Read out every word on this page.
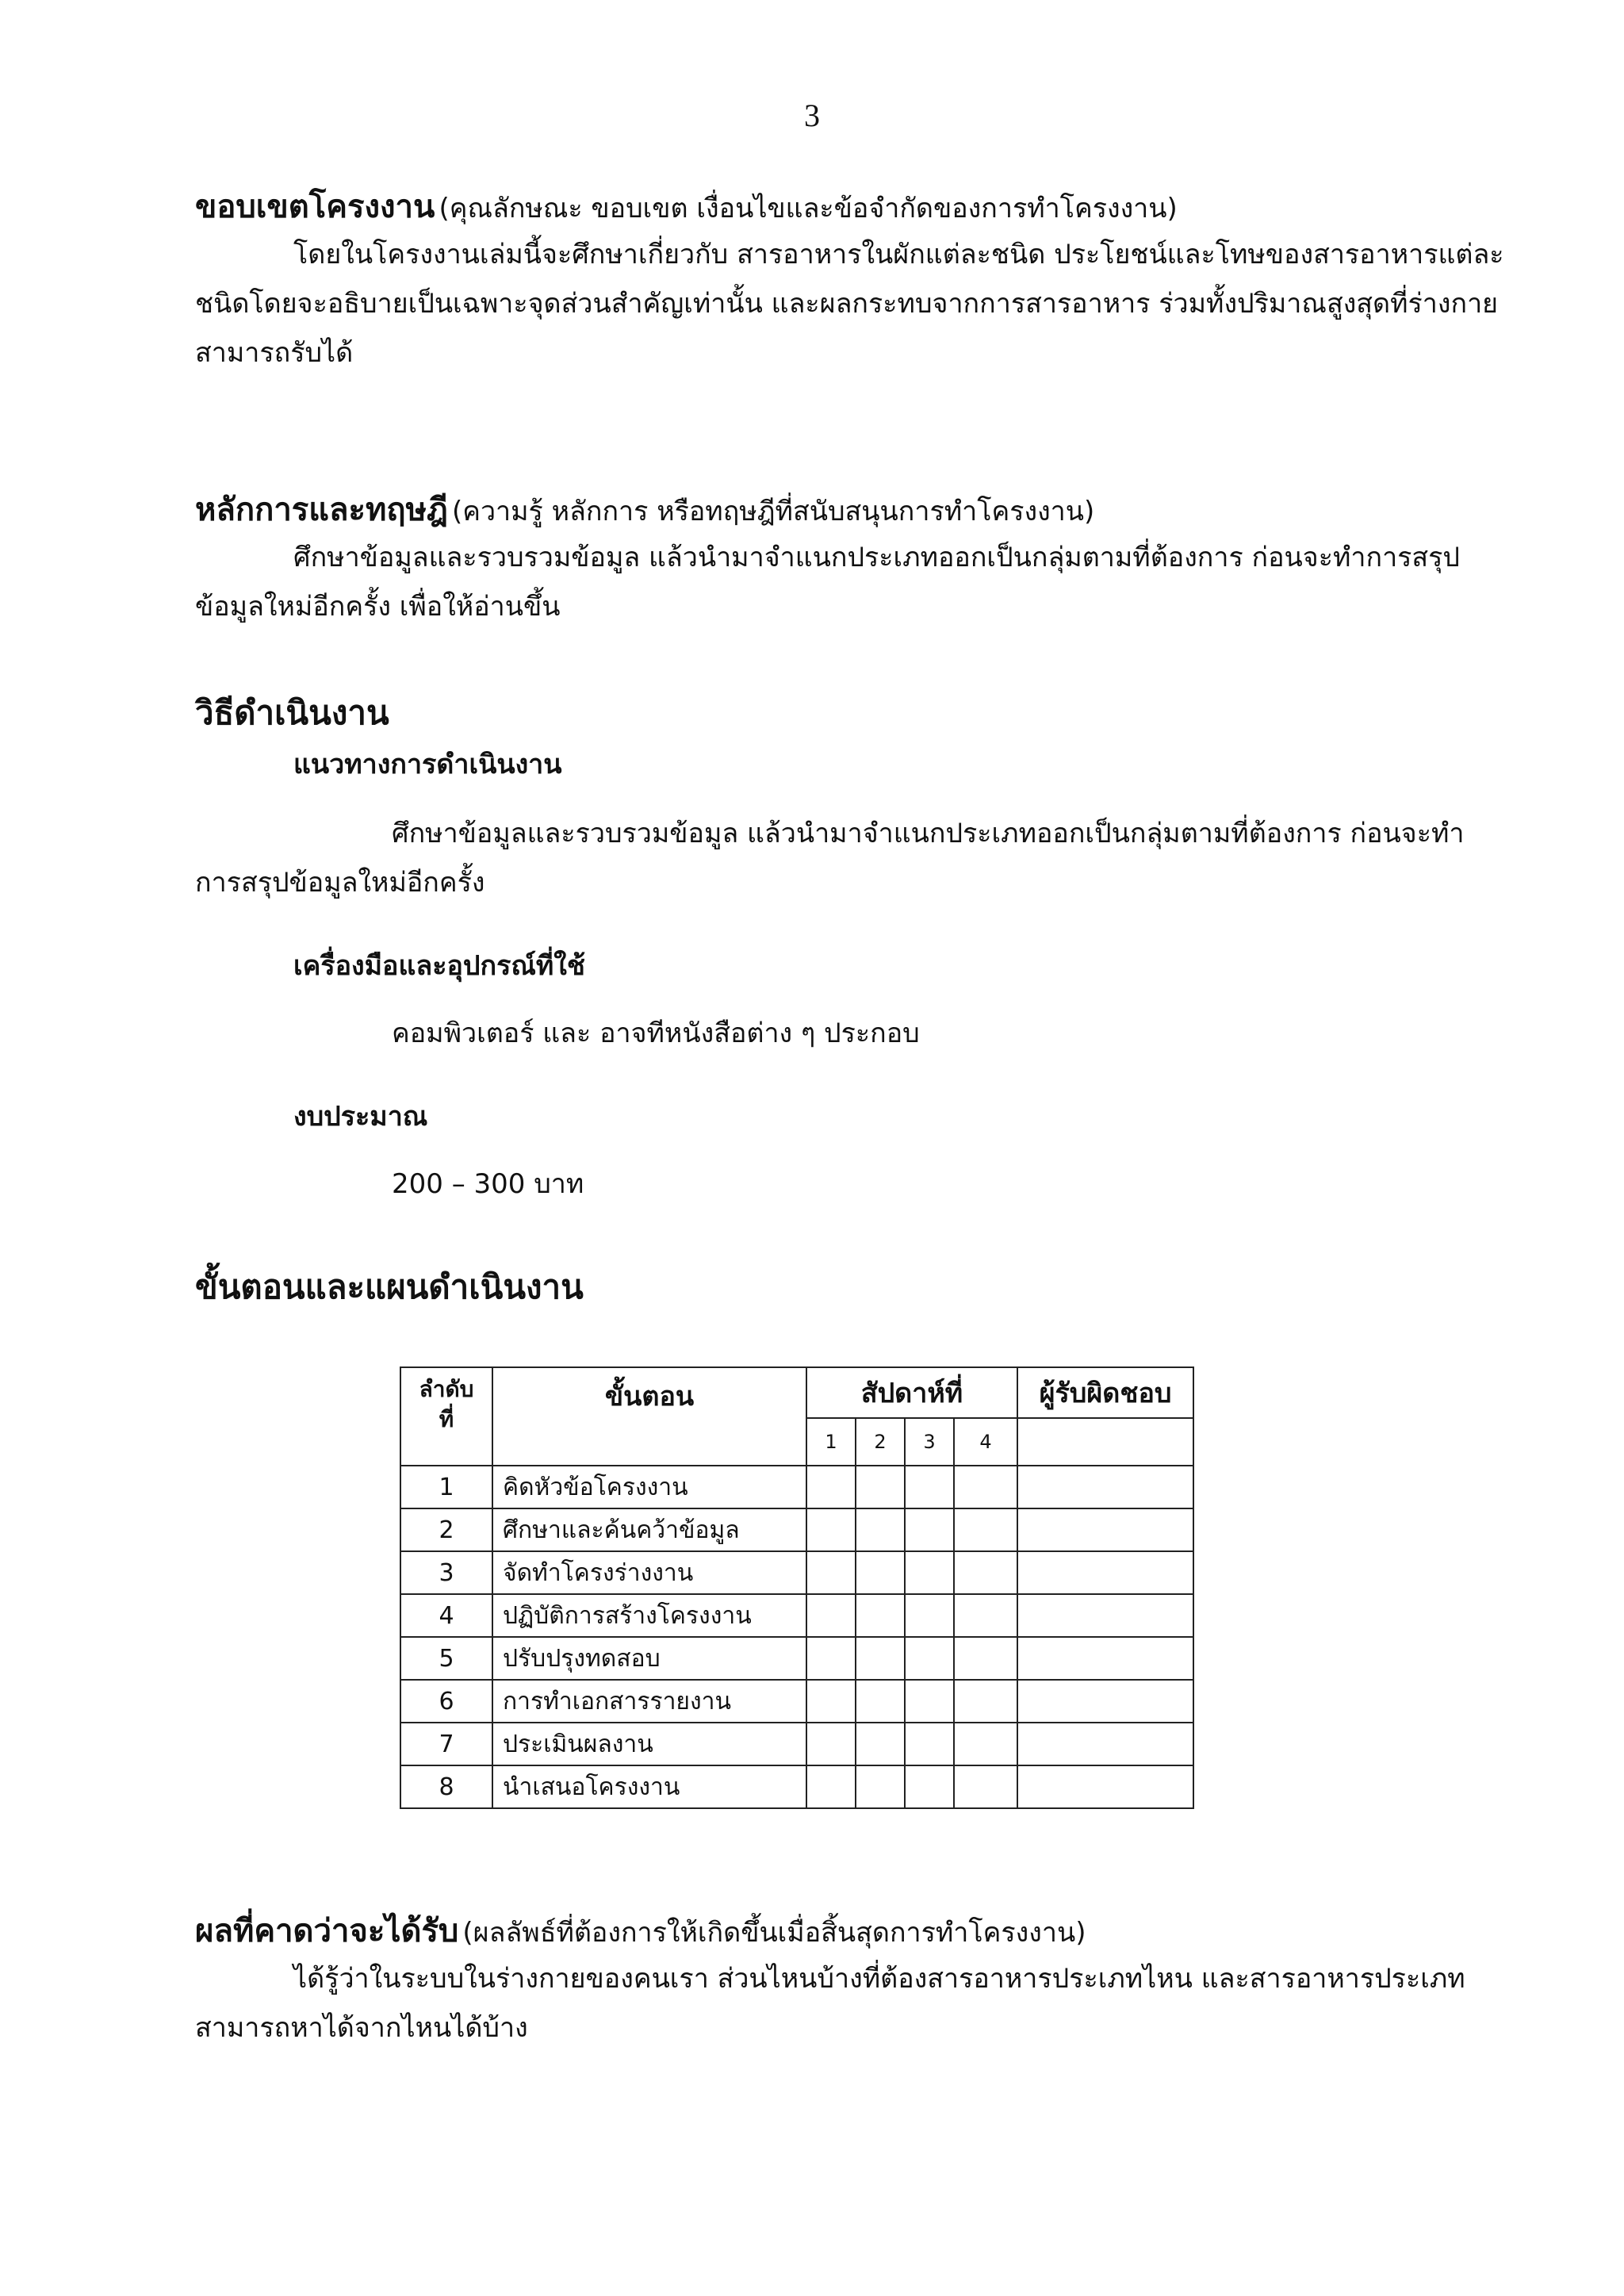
3
ขอบเขตโครงงาน (คุณลักษณะ ขอบเขต เงื่อนไขและข้อจำกัดของการทำโครงงาน)
โดยในโครงงานเล่มนี้จะศึกษาเกี่ยวกับ สารอาหารในผักแต่ละชนิด ประโยชน์และโทษของสารอาหารแต่ละ
ชนิดโดยจะอธิบายเป็นเฉพาะจุดส่วนสำคัญเท่านั้น และผลกระทบจากการสารอาหาร ร่วมทั้งปริมาณสูงสุดที่ร่างกาย
สามารถรับได้
หลักการและทฤษฎี (ความรู้ หลักการ หรือทฤษฎีที่สนับสนุนการทำโครงงาน)
ศึกษาข้อมูลและรวบรวมข้อมูล แล้วนำมาจำแนกประเภทออกเป็นกลุ่มตามที่ต้องการ ก่อนจะทำการสรุป
ข้อมูลใหม่อีกครั้ง เพื่อให้อ่านขึ้น
วิธีดำเนินงาน
แนวทางการดำเนินงาน
ศึกษาข้อมูลและรวบรวมข้อมูล แล้วนำมาจำแนกประเภทออกเป็นกลุ่มตามที่ต้องการ ก่อนจะทำ
การสรุปข้อมูลใหม่อีกครั้ง
เครื่องมือและอุปกรณ์ที่ใช้
คอมพิวเตอร์ และ อาจทีหนังสือต่าง ๆ ประกอบ
งบประมาณ
200 – 300 บาท
ขั้นตอนและแผนดำเนินงาน
ลำดับ
ที่	ขั้นตอน	สัปดาห์ที่				ผู้รับผิดชอบ
		1	2	3	4	
1	คิดหัวข้อโครงงาน					
2	ศึกษาและค้นคว้าข้อมูล					
3	จัดทำโครงร่างงาน					
4	ปฏิบัติการสร้างโครงงาน					
5	ปรับปรุงทดสอบ					
6	การทำเอกสารรายงาน					
7	ประเมินผลงาน					
8	นำเสนอโครงงาน					
ผลที่คาดว่าจะได้รับ (ผลลัพธ์ที่ต้องการให้เกิดขึ้นเมื่อสิ้นสุดการทำโครงงาน)
ได้รู้ว่าในระบบในร่างกายของคนเรา ส่วนไหนบ้างที่ต้องสารอาหารประเภทไหน และสารอาหารประเภท
สามารถหาได้จากไหนได้บ้าง
